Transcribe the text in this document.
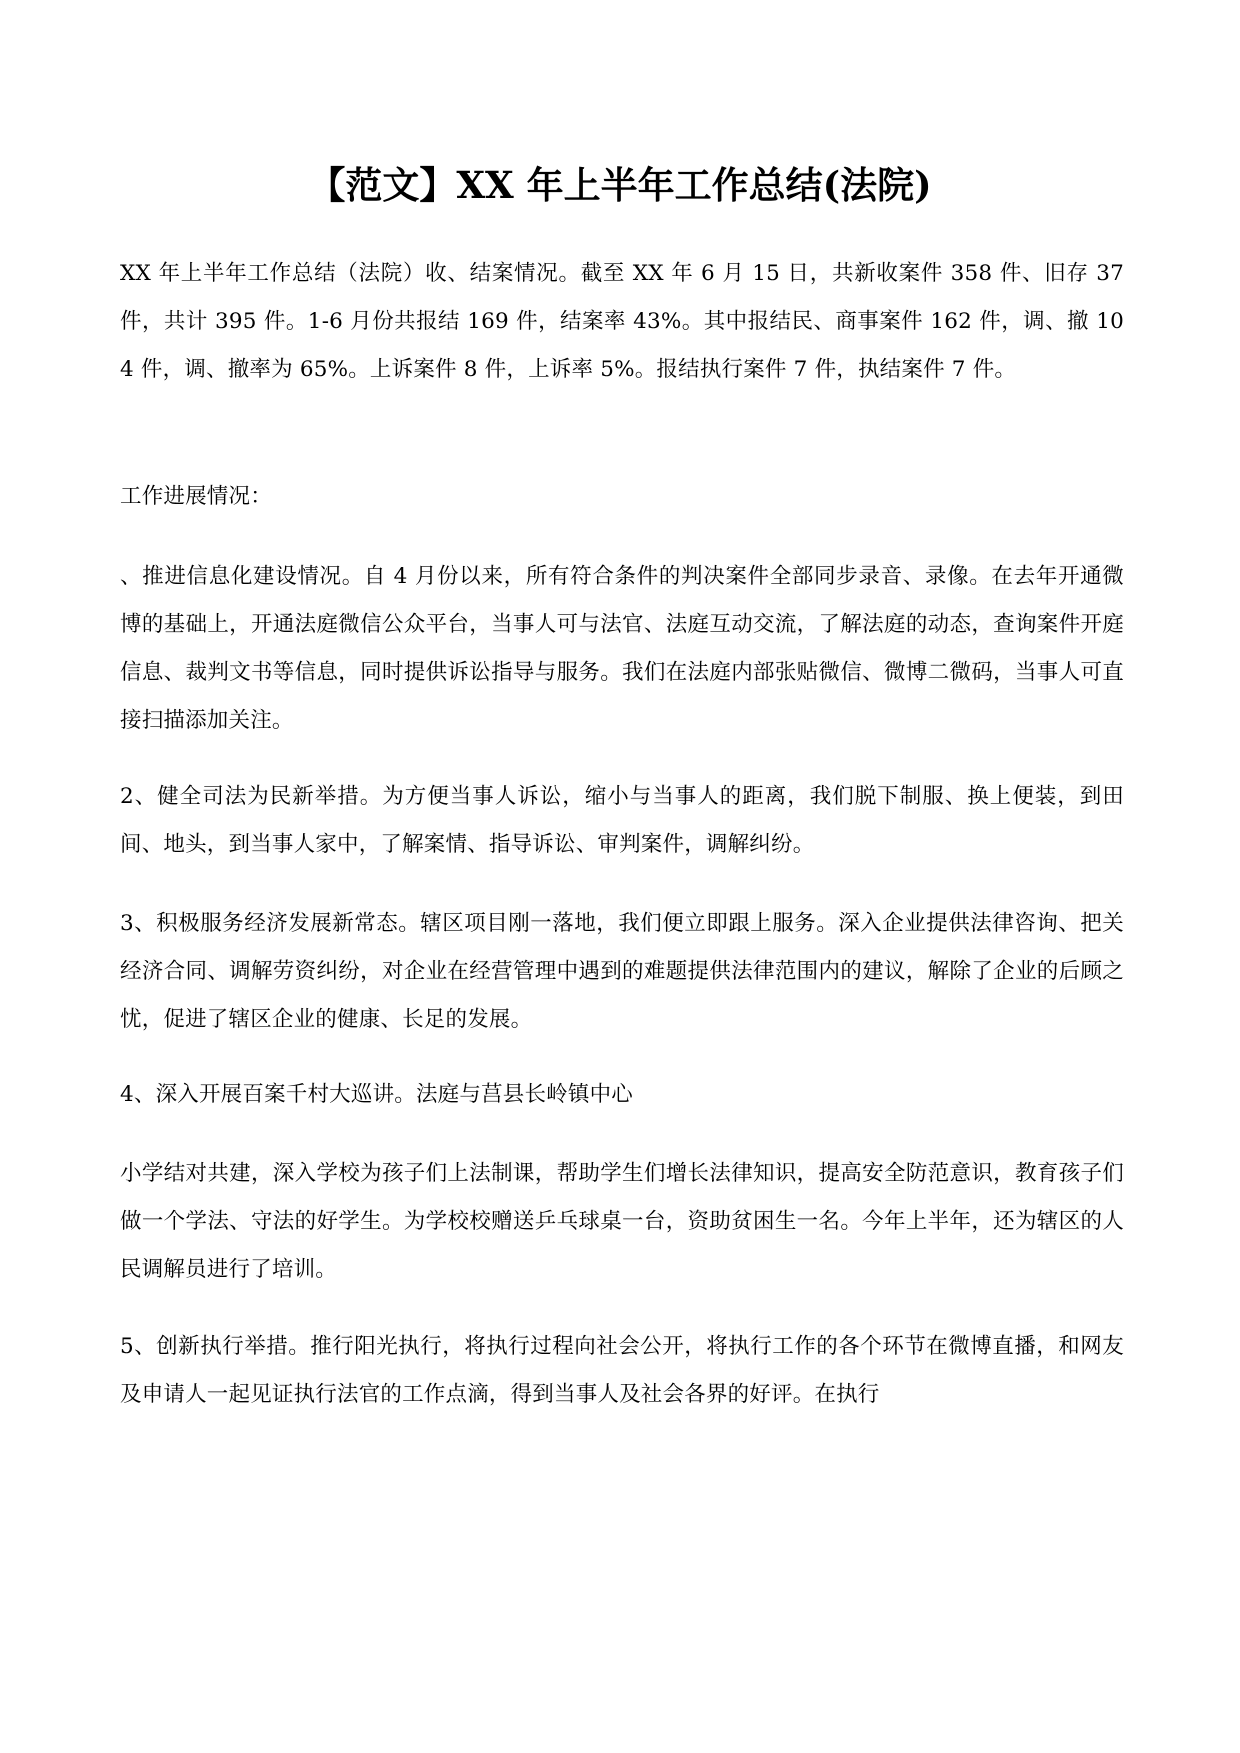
【范文】XX 年上半年工作总结(法院)

XX 年上半年工作总结（法院）收、结案情况。截至 XX 年 6 月 15 日，共新收案件 358 件、旧存 37 件，共计 395 件。1-6 月份共报结 169 件，结案率 43%。其中报结民、商事案件 162 件，调、撤 104 件，调、撤率为 65%。上诉案件 8 件，上诉率 5%。报结执行案件 7 件，执结案件 7 件。

工作进展情况：

、推进信息化建设情况。自 4 月份以来，所有符合条件的判决案件全部同步录音、录像。在去年开通微博的基础上，开通法庭微信公众平台，当事人可与法官、法庭互动交流，了解法庭的动态，查询案件开庭信息、裁判文书等信息，同时提供诉讼指导与服务。我们在法庭内部张贴微信、微博二微码，当事人可直接扫描添加关注。

2、健全司法为民新举措。为方便当事人诉讼，缩小与当事人的距离，我们脱下制服、换上便装，到田间、地头，到当事人家中，了解案情、指导诉讼、审判案件，调解纠纷。

3、积极服务经济发展新常态。辖区项目刚一落地，我们便立即跟上服务。深入企业提供法律咨询、把关经济合同、调解劳资纠纷，对企业在经营管理中遇到的难题提供法律范围内的建议，解除了企业的后顾之忧，促进了辖区企业的健康、长足的发展。

4、深入开展百案千村大巡讲。法庭与莒县长岭镇中心

小学结对共建，深入学校为孩子们上法制课，帮助学生们增长法律知识，提高安全防范意识，教育孩子们做一个学法、守法的好学生。为学校校赠送乒乓球桌一台，资助贫困生一名。今年上半年，还为辖区的人民调解员进行了培训。

5、创新执行举措。推行阳光执行，将执行过程向社会公开，将执行工作的各个环节在微博直播，和网友及申请人一起见证执行法官的工作点滴，得到当事人及社会各界的好评。在执行
